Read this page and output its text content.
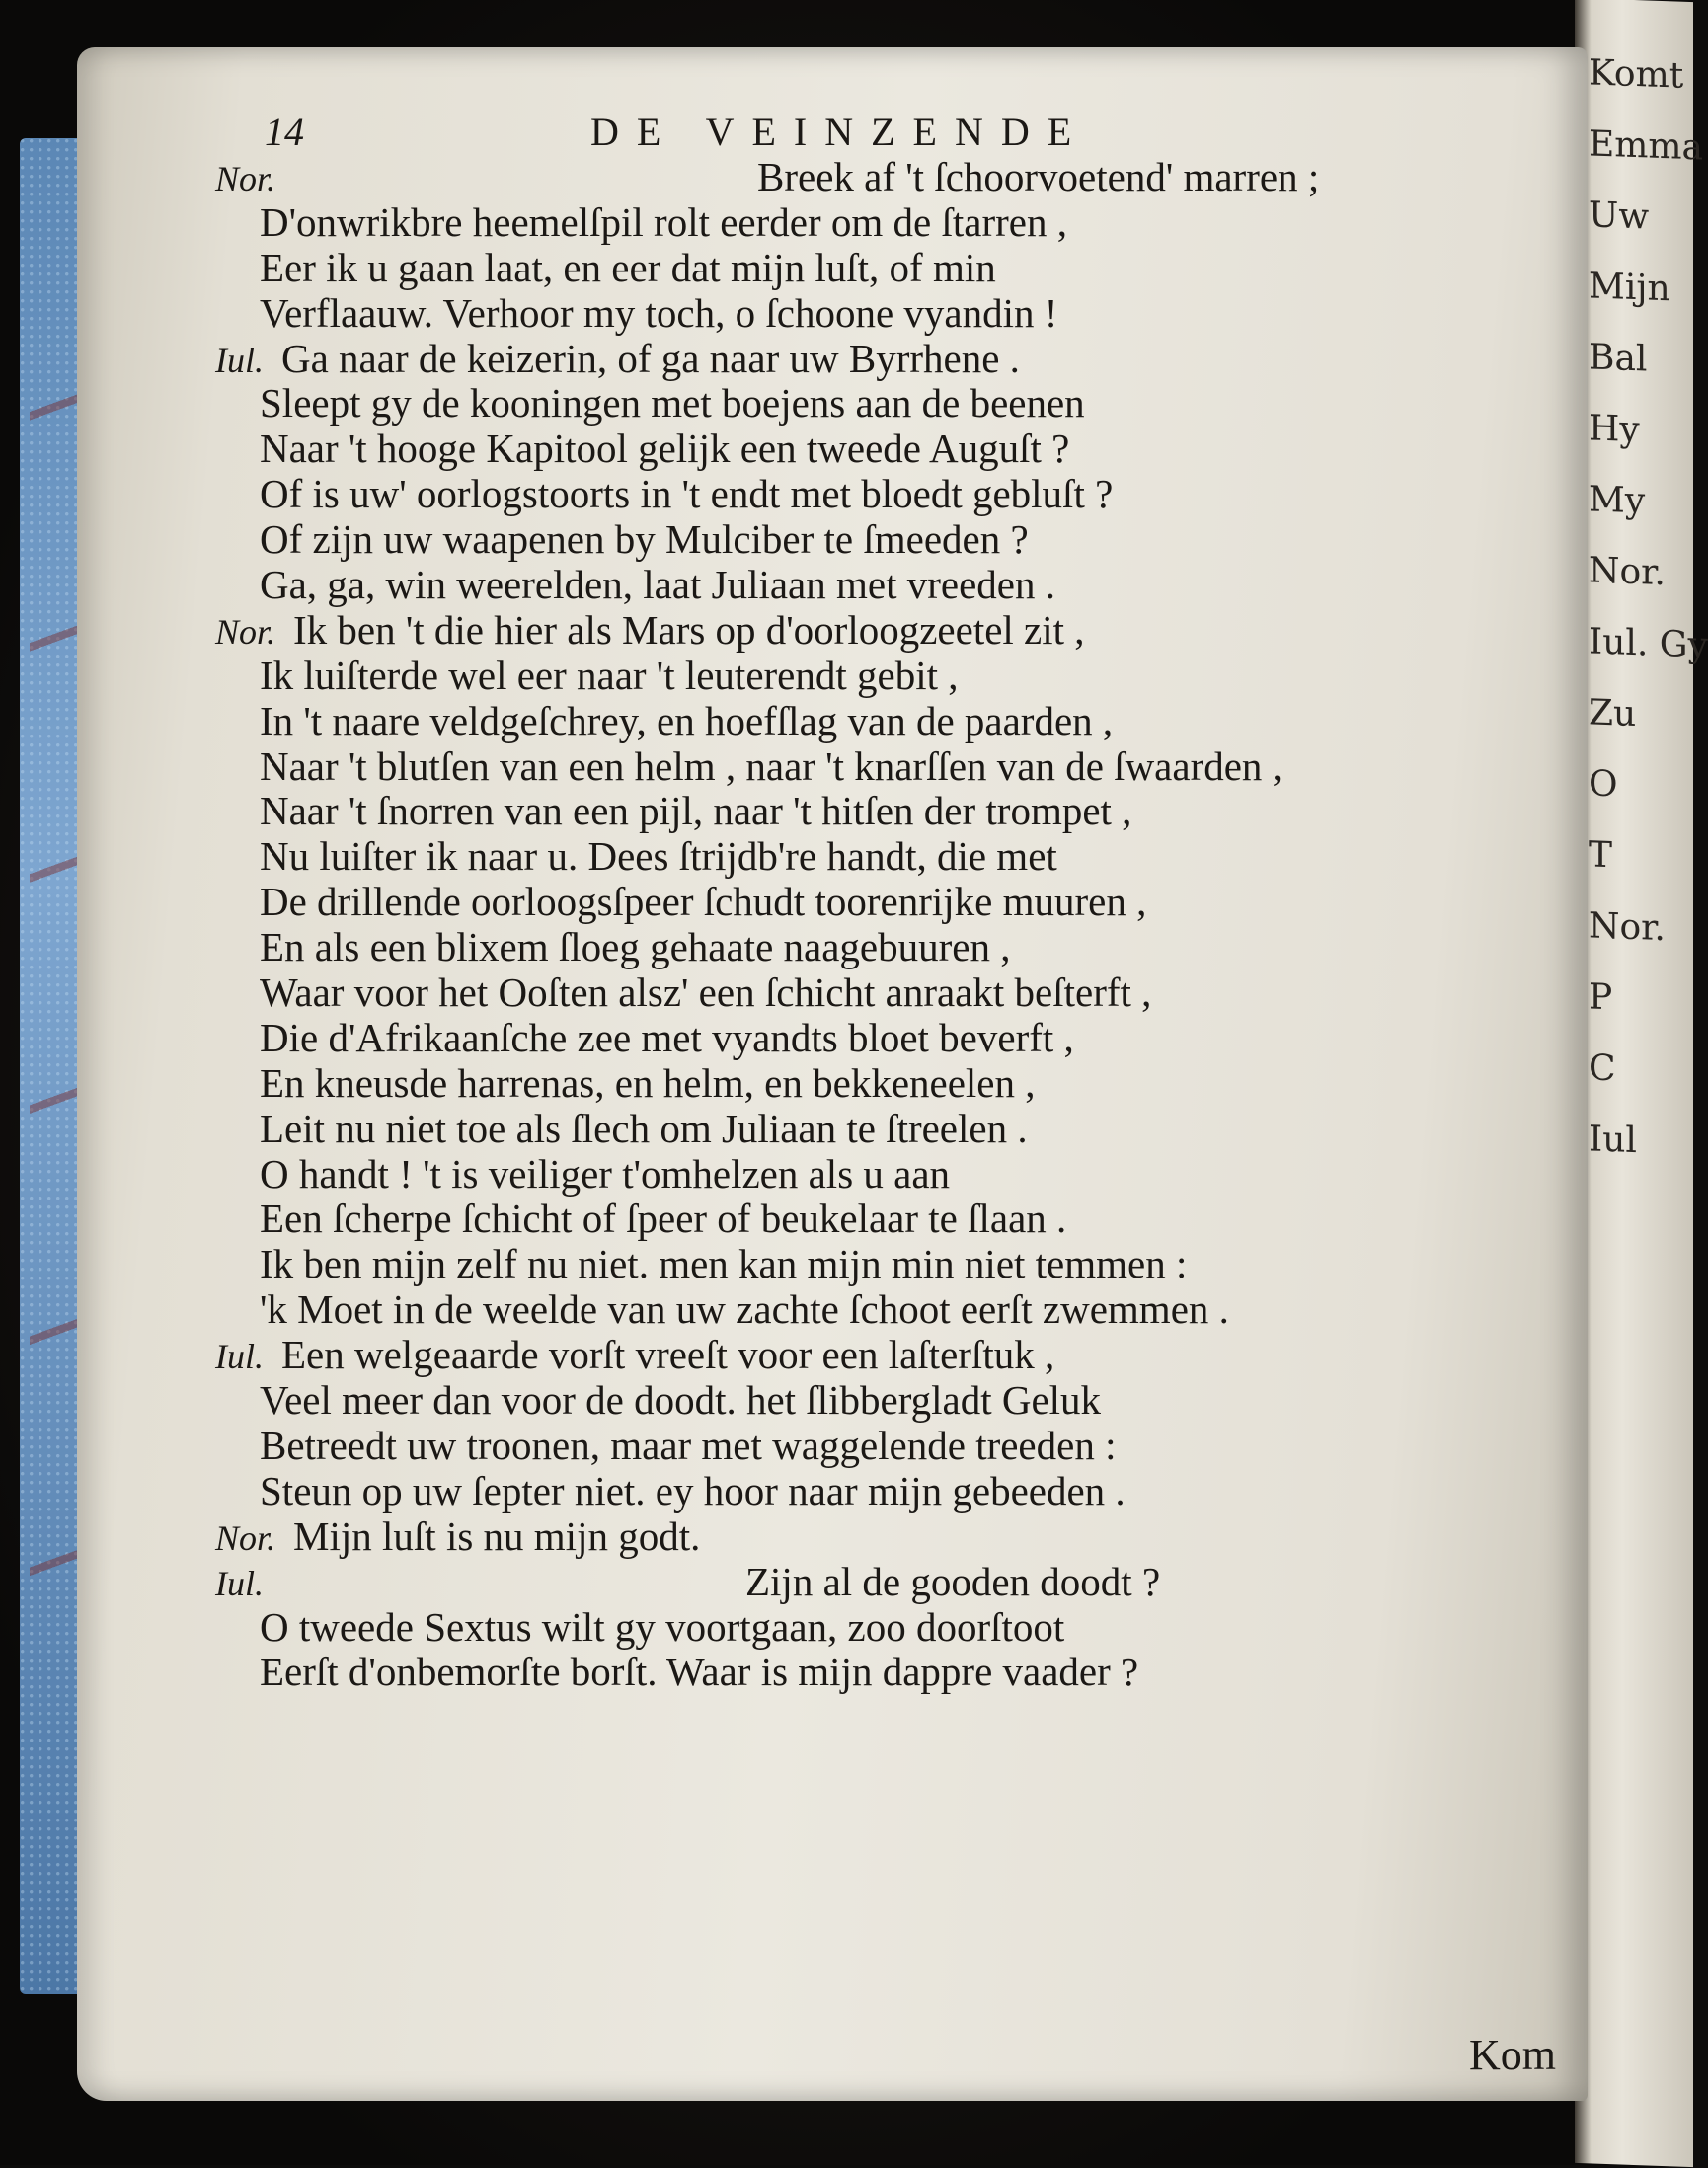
Komt
Emma
Uw
Mijn
Bal
Hy
My
Nor.
Iul. Gy
Zu
O
T
Nor.
P
C
Iul
14	DE VEINZENDE
Nor.	Breek af 't ſchoorvoetend' marren ;
D'onwrikbre heemelſpil rolt eerder om de ſtarren ,
Eer ik u gaan laat, en eer dat mijn luſt, of min
Verflaauw. Verhoor my toch, o ſchoone vyandin !
Iul. Ga naar de keizerin, of ga naar uw Byrrhene .
Sleept gy de kooningen met boejens aan de beenen
Naar 't hooge Kapitool gelijk een tweede Auguſt ?
Of is uw' oorlogstoorts in 't endt met bloedt gebluſt ?
Of zijn uw waapenen by Mulciber te ſmeeden ?
Ga, ga, win weerelden, laat Juliaan met vreeden .
Nor. Ik ben 't die hier als Mars op d'oorloogzeetel zit ,
Ik luiſterde wel eer naar 't leuterendt gebit ,
In 't naare veldgeſchrey, en hoefſlag van de paarden ,
Naar 't blutſen van een helm , naar 't knarſſen van de ſwaarden ,
Naar 't ſnorren van een pijl, naar 't hitſen der trompet ,
Nu luiſter ik naar u. Dees ſtrijdb're handt, die met
De drillende oorloogsſpeer ſchudt toorenrijke muuren ,
En als een blixem ſloeg gehaate naagebuuren ,
Waar voor het Ooſten alsz' een ſchicht anraakt beſterft ,
Die d'Afrikaanſche zee met vyandts bloet beverft ,
En kneusde harrenas, en helm, en bekkeneelen ,
Leit nu niet toe als ſlech om Juliaan te ſtreelen .
O handt ! 't is veiliger t'omhelzen als u aan
Een ſcherpe ſchicht of ſpeer of beukelaar te ſlaan .
Ik ben mijn zelf nu niet. men kan mijn min niet temmen :
'k Moet in de weelde van uw zachte ſchoot eerſt zwemmen .
Iul. Een welgeaarde vorſt vreeſt voor een laſterſtuk ,
Veel meer dan voor de doodt. het ſlibbergladt Geluk
Betreedt uw troonen, maar met waggelende treeden :
Steun op uw ſepter niet. ey hoor naar mijn gebeeden .
Nor. Mijn luſt is nu mijn godt.
Iul.	Zijn al de gooden doodt ?
O tweede Sextus wilt gy voortgaan, zoo doorſtoot
Eerſt d'onbemorſte borſt. Waar is mijn dappre vaader ?
Kom
